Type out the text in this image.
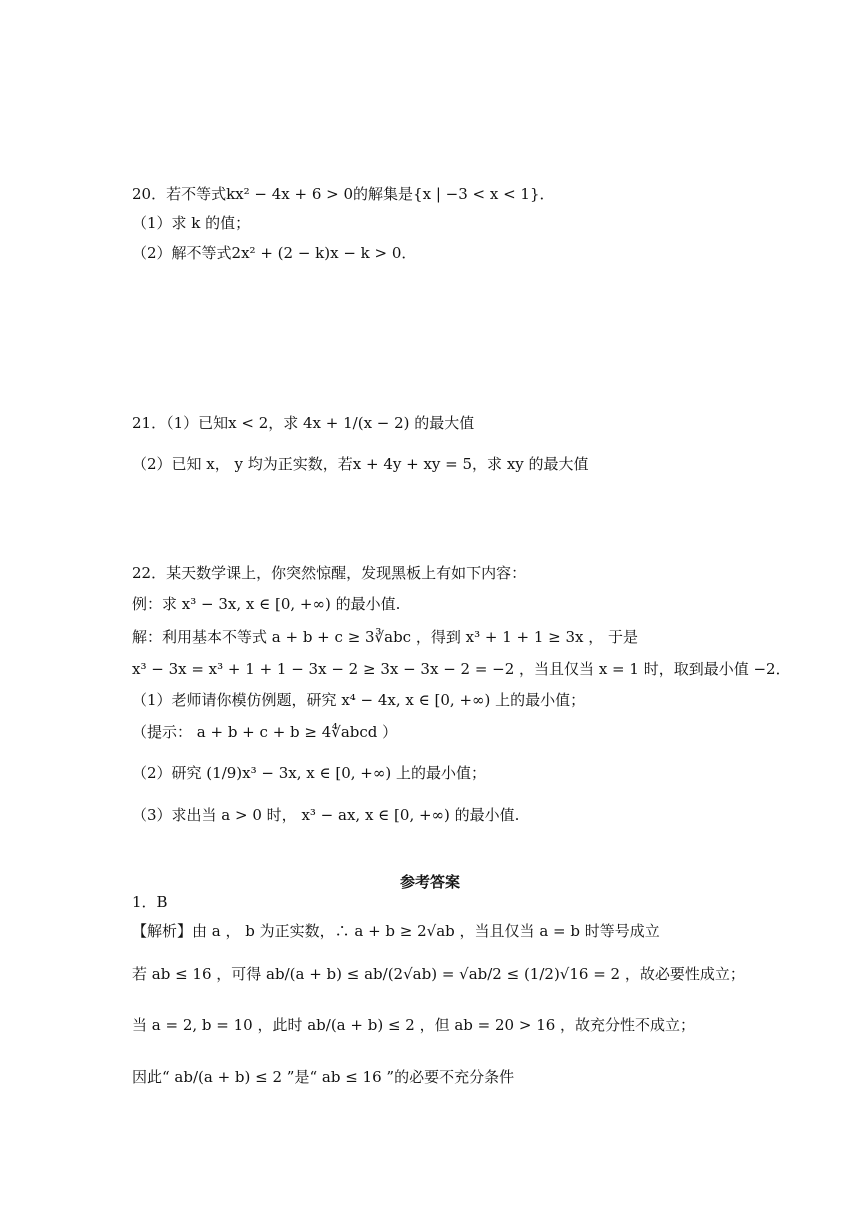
20．若不等式kx² − 4x + 6 > 0的解集是{x | −3 < x < 1}．
（1）求 k 的值；
（2）解不等式2x² + (2 − k)x − k > 0．
21．（1）已知x < 2，求 4x + 1/(x − 2) 的最大值
（2）已知 x， y 均为正实数，若x + 4y + xy = 5，求 xy 的最大值
22．某天数学课上，你突然惊醒，发现黑板上有如下内容：
例：求 x³ − 3x, x ∈ [0, +∞) 的最小值.
解：利用基本不等式 a + b + c ≥ 3∛abc ，得到 x³ + 1 + 1 ≥ 3x ， 于是
x³ − 3x = x³ + 1 + 1 − 3x − 2 ≥ 3x − 3x − 2 = −2 ，当且仅当 x = 1 时，取到最小值 −2．
（1）老师请你模仿例题，研究 x⁴ − 4x, x ∈ [0, +∞) 上的最小值；
（提示： a + b + c + b ≥ 4∜abcd ）
（2）研究 (1/9)x³ − 3x, x ∈ [0, +∞) 上的最小值；
（3）求出当 a > 0 时， x³ − ax, x ∈ [0, +∞) 的最小值.
参考答案
1．B
【解析】由 a ， b 为正实数，∴ a + b ≥ 2√ab ，当且仅当 a = b 时等号成立
若 ab ≤ 16 ，可得 ab/(a + b) ≤ ab/(2√ab) = √ab/2 ≤ (1/2)√16 = 2 ，故必要性成立；
当 a = 2, b = 10 ，此时 ab/(a + b) ≤ 2 ，但 ab = 20 > 16 ，故充分性不成立；
因此“ ab/(a + b) ≤ 2 ”是“ ab ≤ 16 ”的必要不充分条件
